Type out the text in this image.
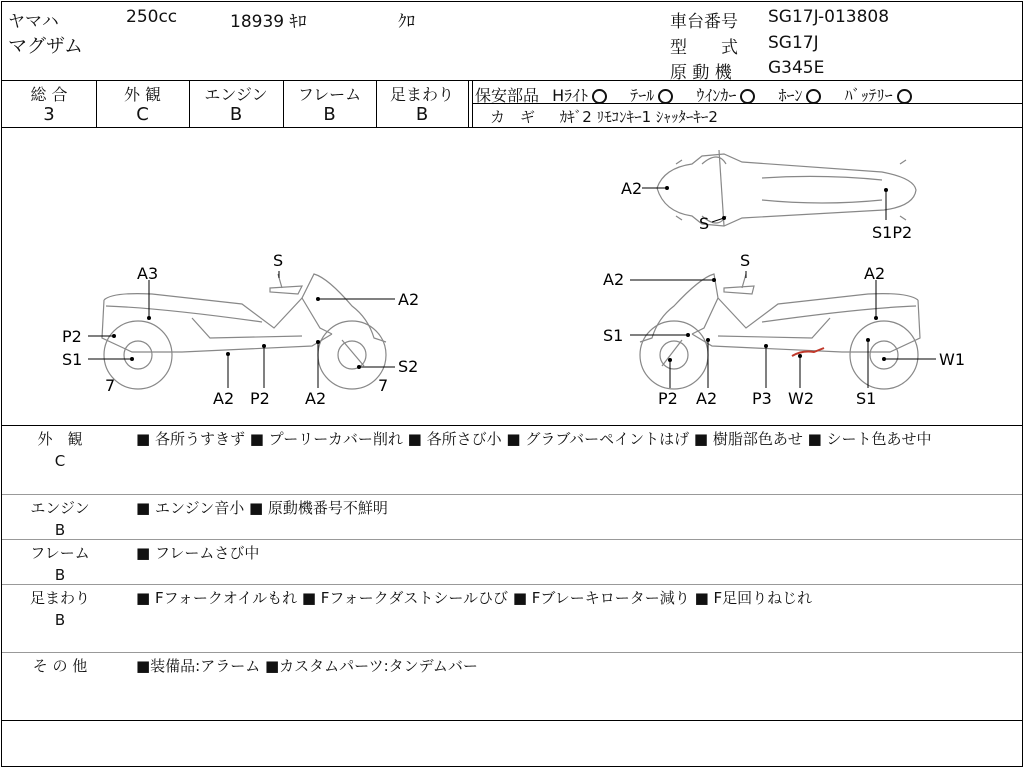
ヤマハ	250cc	18939 ｷﾛ	ｸﾛ
マグザム
車台番号 SG17J-013808
型　　式 SG17J
原 動 機 G345E
総 合
3
外 観
C
エンジン
B
フレーム
B
足まわり
B
保安部品 Hﾗｲﾄ	ﾃｰﾙ	ｳｲﾝｶｰ	ﾎｰﾝ	ﾊﾞｯﾃﾘｰ
カ　ギ ｶｷﾞ2 ﾘﾓｺﾝｷｰ1 ｼｬｯﾀｰｷｰ2
A2
S	S1P2
A3
S
A2
P2
S1
7
A2 P2 A2
S2
7
A2
S
A2
S1
W1
P2 A2 P3 W2	S1
外　観
C
■ 各所うすきず ■ プーリーカバー削れ ■ 各所さび小 ■ グラブバーペイントはげ ■ 樹脂部色あせ ■ シート色あせ中
エンジン
B
■ エンジン音小 ■ 原動機番号不鮮明
フレーム
B
■ フレームさび中
足まわり
B
■ Fフォークオイルもれ ■ Fフォークダストシールひび ■ Fブレーキローター減り ■ F足回りねじれ
そ の 他	■装備品:アラーム ■カスタムパーツ:タンデムバー
